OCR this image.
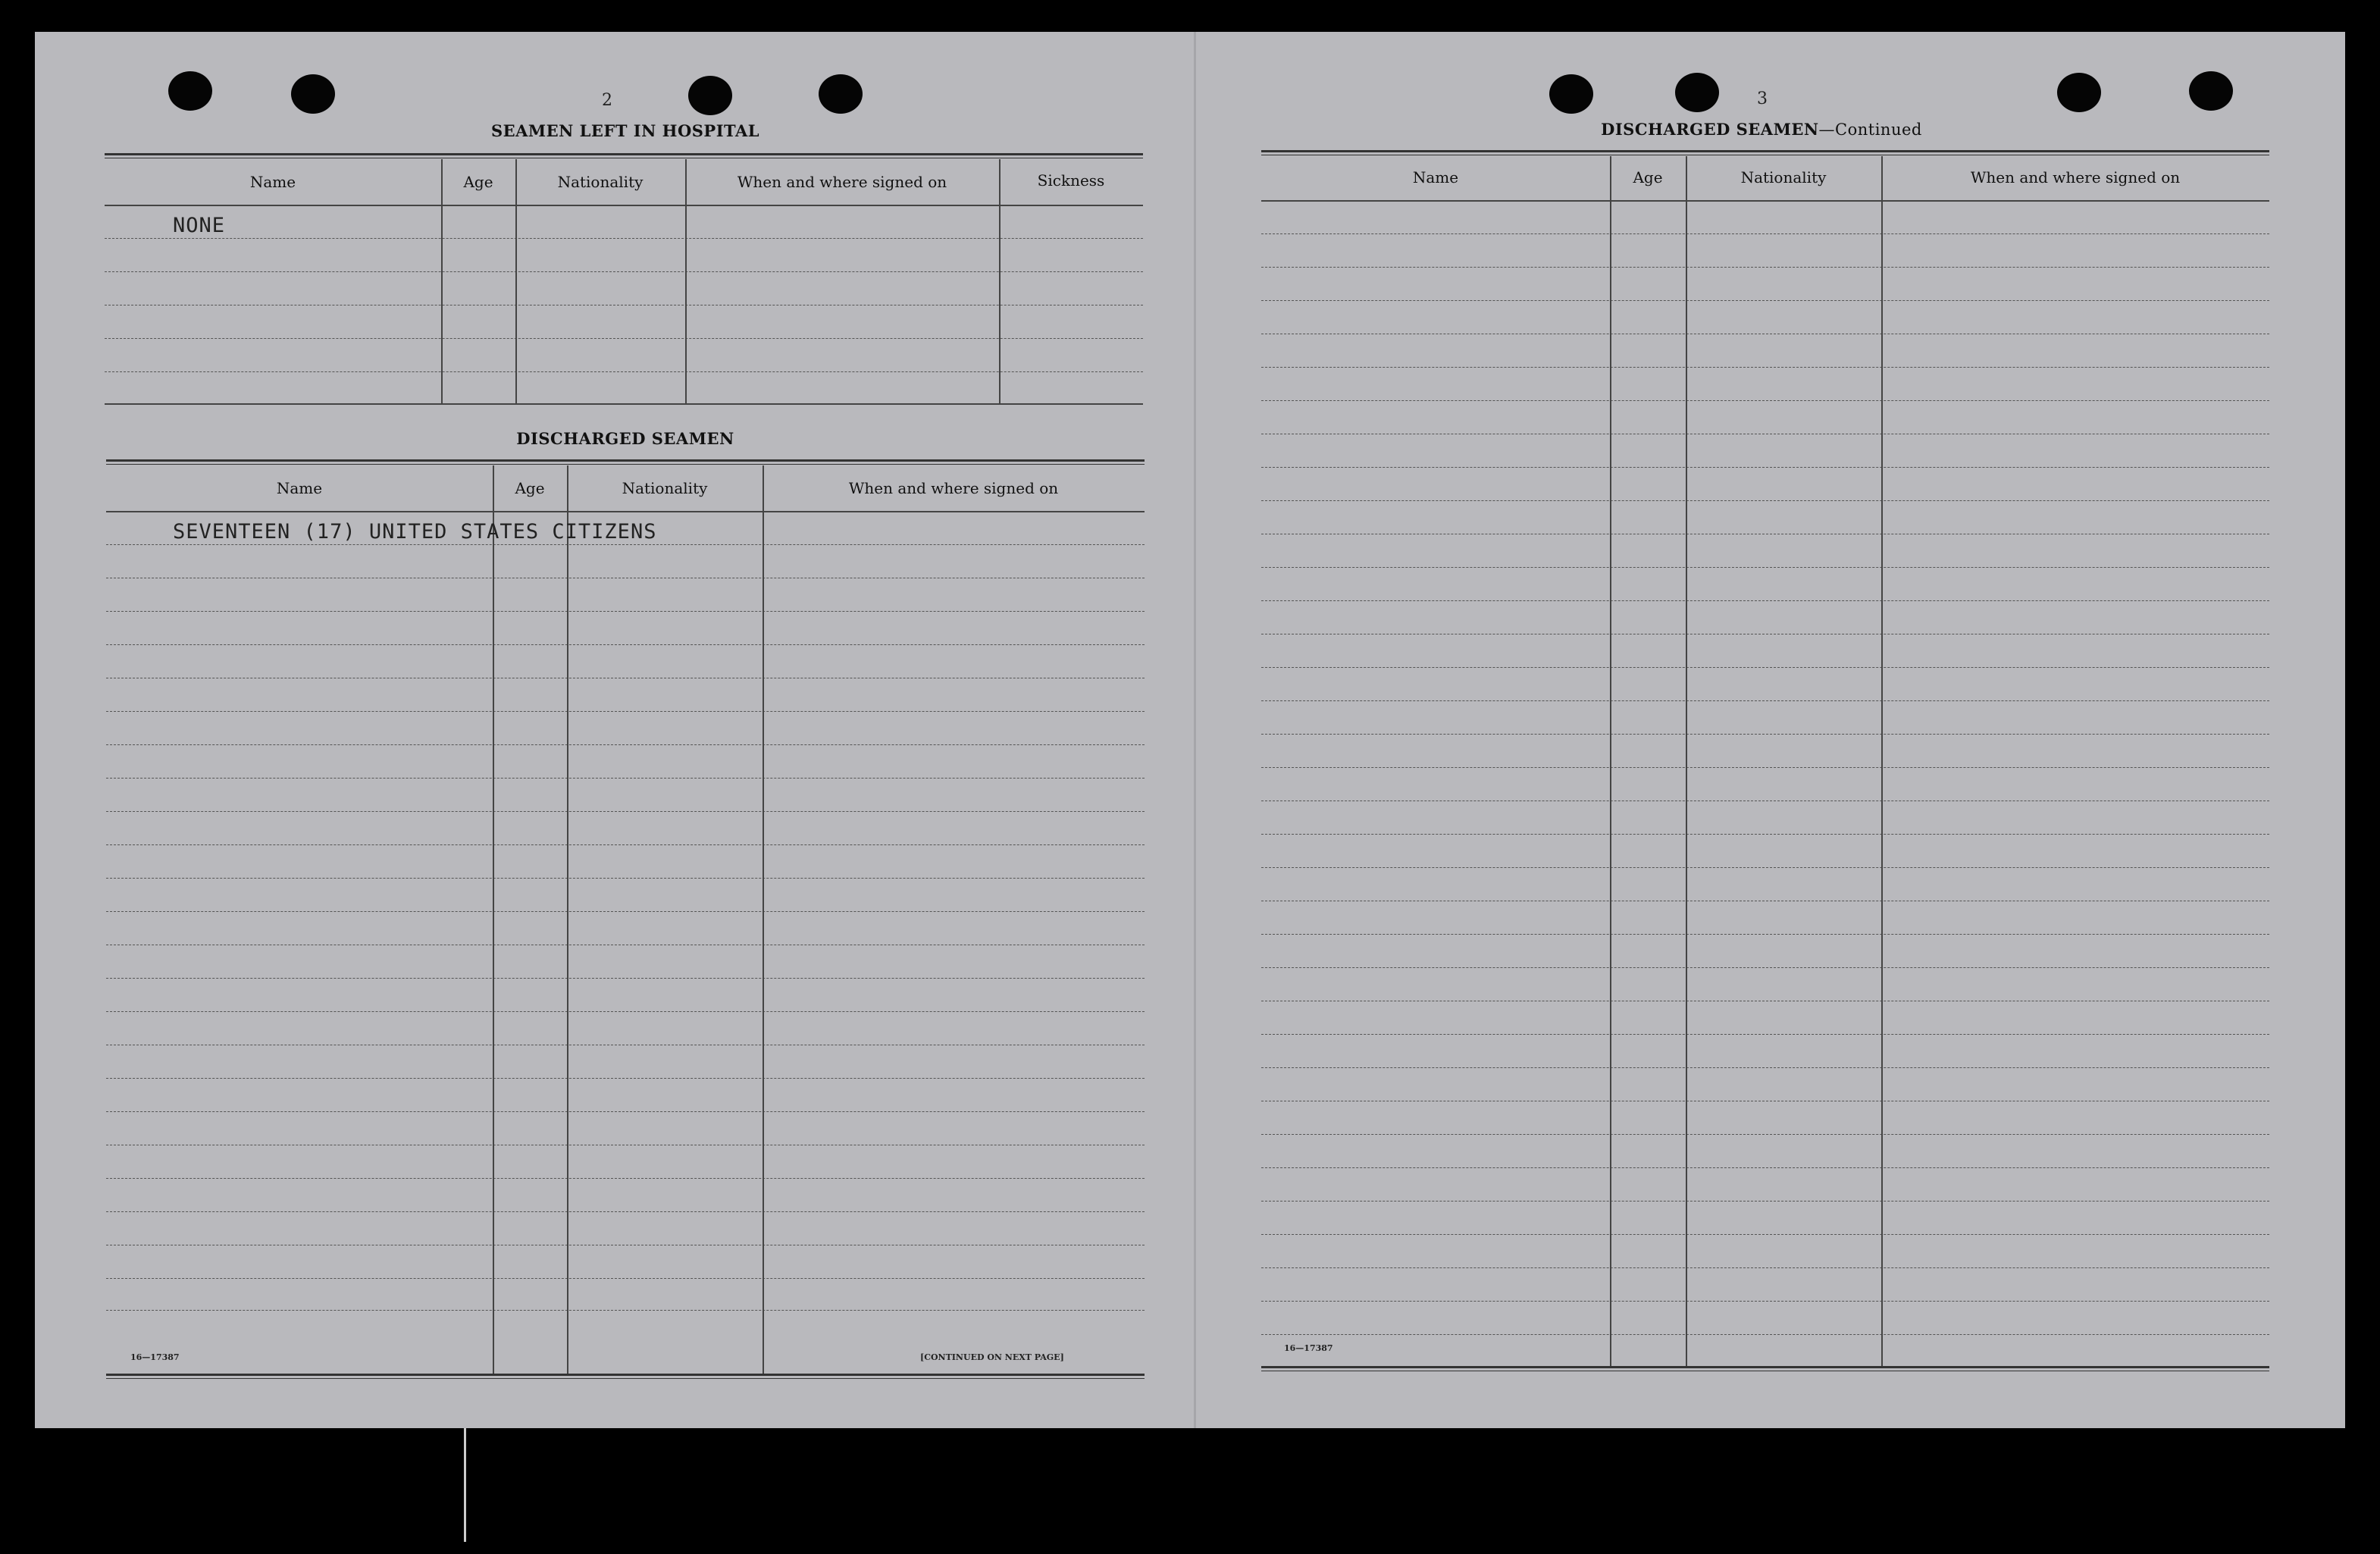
2
SEAMEN LEFT IN HOSPITAL
Name	Age	Nationality	When and where signed on	Sickness
NONE
DISCHARGED SEAMEN
Name	Age	Nationality	When and where signed on
SEVENTEEN (17) UNITED STATES CITIZENS
16—17387	[CONTINUED ON NEXT PAGE]
3
DISCHARGED SEAMEN—Continued
Name	Age	Nationality	When and where signed on
16—17387
